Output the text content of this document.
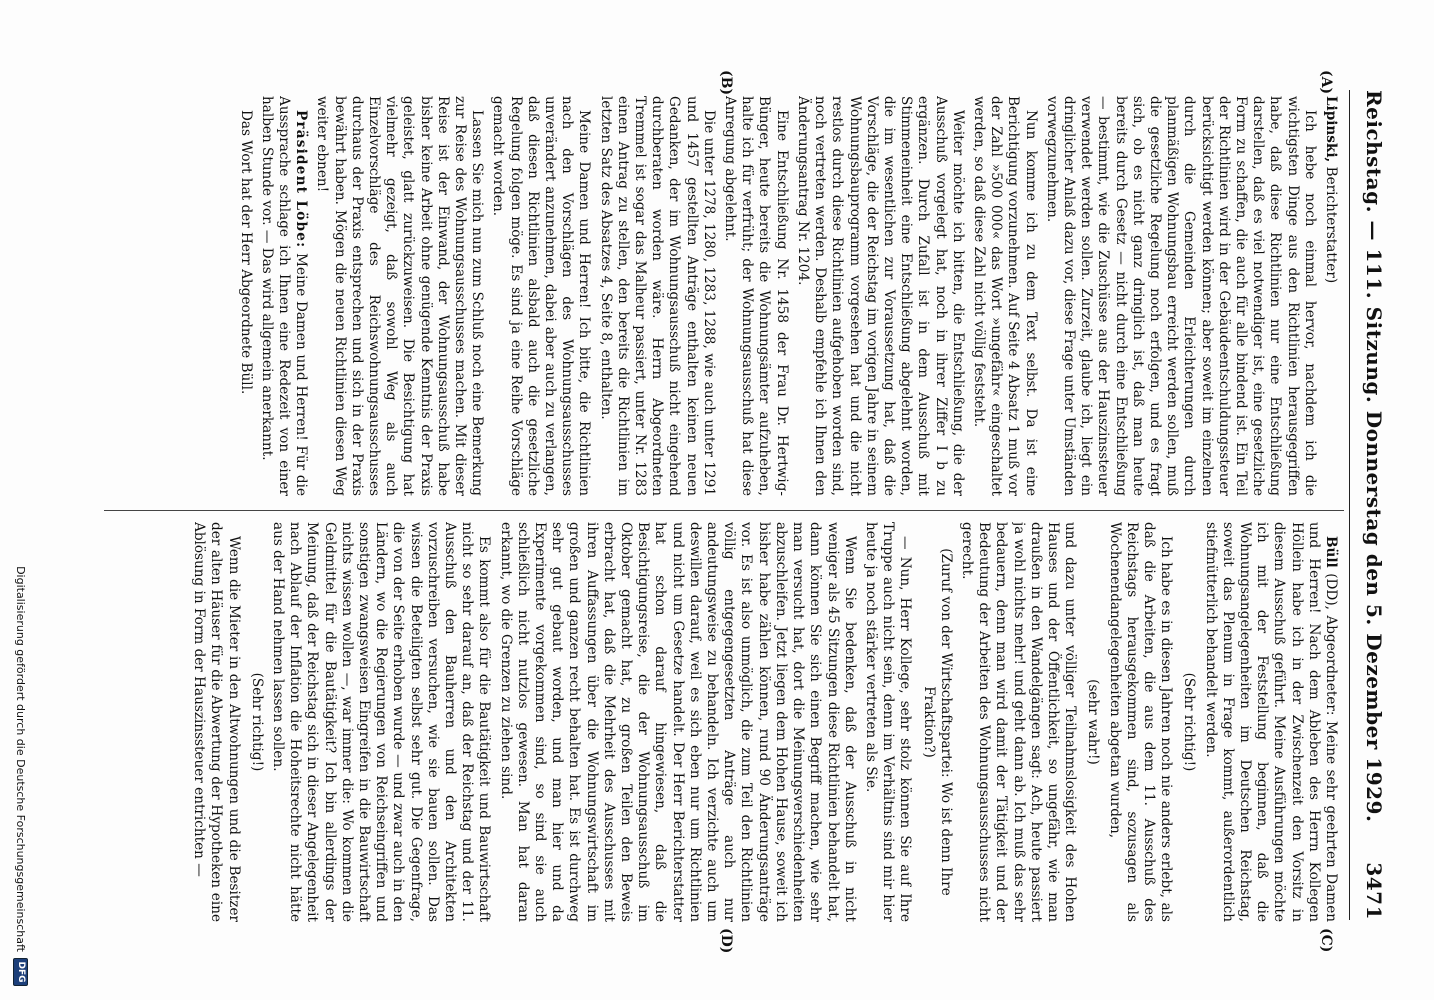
Reichstag. — 111. Sitzung. Donnerstag den 5. Dezember 1929.
3471
(A)
(B)
(C)
(D)

Lipinski, Berichterstatter)

Ich hebe noch einmal hervor, nachdem ich die wichtigsten Dinge aus den Richtlinien herausgegriffen habe, daß diese Richtlinien nur eine Entschließung darstellen, daß es viel notwendiger ist, eine gesetzliche Form zu schaffen, die auch für alle bindend ist. Ein Teil der Richtlinien wird in der Gebäudeentschuldungssteuer berücksichtigt werden können; aber soweit im einzelnen durch die Gemeinden Erleichterungen durch planmäßigen Wohnungsbau erreicht werden sollen, muß die gesetzliche Regelung noch erfolgen, und es fragt sich, ob es nicht ganz dringlich ist, daß man heute bereits durch Gesetz — nicht durch eine Entschließung — bestimmt, wie die Zuschüsse aus der Hauszinssteuer verwendet werden sollen. Zurzeit, glaube ich, liegt ein dringlicher Anlaß dazu vor, diese Frage unter Umständen vorwegzunehmen.

Nun komme ich zu dem Text selbst. Da ist eine Berichtigung vorzunehmen. Auf Seite 4 Absatz 1 muß vor der Zahl »500 000« das Wort »ungefähr« eingeschaltet werden, so daß diese Zahl nicht völlig feststeht.

Weiter möchte ich bitten, die Entschließung, die der Ausschuß vorgelegt hat, noch in ihrer Ziffer I b zu ergänzen. Durch Zufall ist in dem Ausschuß mit Stimmeneinheit eine Entschließung abgelehnt worden, die im wesentlichen zur Voraussetzung hat, daß die Vorschläge, die der Reichstag im vorigen Jahre in seinem Wohnungsbauprogramm vorgesehen hat und die nicht restlos durch diese Richtlinien aufgehoben worden sind, noch vertreten werden. Deshalb empfehle ich Ihnen den Änderungsantrag Nr. 1204.

Eine Entschließung Nr. 1458 der Frau Dr. Hertwig-Bünger, heute bereits die Wohnungsämter aufzuheben, halte ich für verfrüht; der Wohnungsausschuß hat diese Anregung abgelehnt.

Die unter 1278, 1280, 1283, 1288, wie auch unter 1291 und 1457 gestellten Anträge enthalten keinen neuen Gedanken, der im Wohnungsausschuß nicht eingehend durchberaten worden wäre. Herrn Abgeordneten Tremmel ist sogar das Malheur passiert, unter Nr. 1283 einen Antrag zu stellen, den bereits die Richtlinien im letzten Satz des Absatzes 4, Seite 8, enthalten.

Meine Damen und Herren! Ich bitte, die Richtlinien nach den Vorschlägen des Wohnungsausschusses unverändert anzunehmen, dabei aber auch zu verlangen, daß diesen Richtlinien alsbald auch die gesetzliche Regelung folgen möge. Es sind ja eine Reihe Vorschläge gemacht worden.

Lassen Sie mich nun zum Schluß noch eine Bemerkung zur Reise des Wohnungsausschusses machen. Mit dieser Reise ist der Einwand, der Wohnungsausschuß habe bisher keine Arbeit ohne genügende Kenntnis der Praxis geleistet, glatt zurückzuweisen. Die Besichtigung hat vielmehr gezeigt, daß sowohl Weg als auch Einzelvorschläge des Reichswohnungsausschusses durchaus der Praxis entsprechen und sich in der Praxis bewährt haben. Mögen die neuen Richtlinien diesen Weg weiter ebnen!

Präsident Löbe: Meine Damen und Herren! Für die Aussprache schlage ich Ihnen eine Redezeit von einer halben Stunde vor. — Das wird allgemein anerkannt.

Das Wort hat der Herr Abgeordnete Büll.

Büll (DD), Abgeordneter: Meine sehr geehrten Damen und Herren! Nach dem Ableben des Herrn Kollegen Höllein habe ich in der Zwischenzeit den Vorsitz in diesem Ausschuß geführt. Meine Ausführungen möchte ich mit der Feststellung beginnen, daß die Wohnungsangelegenheiten im Deutschen Reichstag, soweit das Plenum in Frage kommt, außerordentlich stiefmütterlich behandelt werden.

(Sehr richtig!)

Ich habe es in diesen Jahren noch nie anders erlebt, als daß die Arbeiten, die aus dem 11. Ausschuß des Reichstags herausgekommen sind, sozusagen als Wochenendangelegenheiten abgetan wurden,

(sehr wahr!)

und dazu unter völliger Teilnahmslosigkeit des Hohen Hauses und der Öffentlichkeit, so ungefähr, wie man draußen in den Wandelgängen sagt: Ach, heute passiert ja wohl nichts mehr! und geht dann ab. Ich muß das sehr bedauern, denn man wird damit der Tätigkeit und der Bedeutung der Arbeiten des Wohnungsausschusses nicht gerecht.

(Zuruf von der Wirtschaftspartei: Wo ist denn Ihre Fraktion?)

— Nun, Herr Kollege, sehr stolz können Sie auf Ihre Truppe auch nicht sein, denn im Verhältnis sind mir hier heute ja noch stärker vertreten als Sie.

Wenn Sie bedenken, daß der Ausschuß in nicht weniger als 45 Sitzungen diese Richtlinien behandelt hat, dann können Sie sich einen Begriff machen, wie sehr man versucht hat, dort die Meinungsverschiedenheiten abzuschleifen. Jetzt liegen dem Hohen Hause, soweit ich bisher habe zählen können, rund 90 Änderungsanträge vor. Es ist also unmöglich, die zum Teil den Richtlinien völlig entgegengesetzten Anträge auch nur andeutungsweise zu behandeln. Ich verzichte auch um deswillen darauf, weil es sich eben nur um Richtlinien und nicht um Gesetze handelt. Der Herr Berichterstatter hat schon darauf hingewiesen, daß die Besichtigungsreise, die der Wohnungsausschuß im Oktober gemacht hat, zu großen Teilen den Beweis erbracht hat, daß die Mehrheit des Ausschusses mit ihren Auffassungen über die Wohnungswirtschaft im großen und ganzen recht behalten hat. Es ist durchweg sehr gut gebaut worden, und man hier und da Experimente vorgekommen sind, so sind sie auch schließlich nicht nutzlos gewesen. Man hat daran erkannt, wo die Grenzen zu ziehen sind.

Es kommt also für die Bautätigkeit und Bauwirtschaft nicht so sehr darauf an, daß der Reichstag und der 11. Ausschuß den Bauherren und den Architekten vorzuschreiben versuchen, wie sie bauen sollen. Das wissen die Beteiligten selbst sehr gut. Die Gegenfrage, die von der Seite erhoben wurde — und zwar auch in den Ländern, wo die Regierungen von Reichseingriffen und sonstigen zwangsweisen Eingreifen in die Bauwirtschaft nichts wissen wollen —, war immer die: Wo kommen die Geldmittel für die Bautätigkeit? Ich bin allerdings der Meinung, daß der Reichstag sich in dieser Angelegenheit nach Ablauf der Inflation die Hoheitsrechte nicht hätte aus der Hand nehmen lassen sollen.

(Sehr richtig!)

Wenn die Mieter in den Altwohnungen und die Besitzer der alten Häuser für die Abwertung der Hypotheken eine Ablösung in Form der Hauszinssteuer entrichten —

Digitalisierung gefördert durch die Deutsche Forschungsgemeinschaft
DFG
